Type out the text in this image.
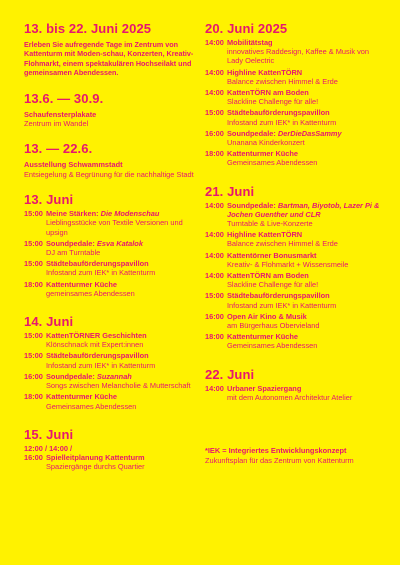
13. bis 22. Juni 2025
Erleben Sie aufregende Tage im Zentrum von Kattenturm mit Moden-schau, Konzerten, Kreativ- Flohmarkt, einem spektakulären Hochseilakt und gemeinsamen Abendessen.
13.6. — 30.9.
Schaufensterplakate
Zentrum im Wandel
13. — 22.6.
Ausstellung Schwammstadt
Entsiegelung & Begrünung für die nachhaltige Stadt
13. Juni
15:00 Meine Stärken: Die Modenschau
Lieblingsstücke von Textile Versionen und upsign
15:00 Soundpedale: Esva Katalok
DJ am Turntable
15:00 Städtebauförderungspavillon
Infostand zum IEK* in Kattenturm
18:00 Kattenturmer Küche
gemeinsames Abendessen
14. Juni
15:00 KattenTÖRNER Geschichten
Klönschnack mit Expert:innen
15:00 Städtebauförderungspavillon
Infostand zum IEK* in Kattenturm
16:00 Soundpedale: Suzannah
Songs zwischen Melancholie & Mutterschaft
18:00 Kattenturmer Küche
Gemeinsames Abendessen
15. Juni
12:00 / 14:00 /
16:00 Spielleitplanung Kattenturm
Spaziergänge durchs Quartier
20. Juni 2025
14:00 Mobilitätstag
innovatives Raddesign, Kaffee & Musik von Lady Oelectric
14:00 Highline KattenTÖRN
Balance zwischen Himmel & Erde
14:00 KattenTÖRN am Boden
Slackline Challenge für alle!
15:00 Städtebauförderungspavillon
Infostand zum IEK* in Kattenturm
16:00 Soundpedale: DerDieDasSammy
Unanana Kinderkonzert
18:00 Kattenturmer Küche
Gemeinsames Abendessen
21. Juni
14:00 Soundpedale: Bartman, Biyotob, Lazer Pi & Jochen Guenther und CLR
Turntable & Live-Konzerte
14:00 Highline KattenTÖRN
Balance zwischen Himmel & Erde
14:00 Kattentörner Bonusmarkt
Kreativ- & Flohmarkt + Wissensmeile
14:00 KattenTÖRN am Boden
Slackline Challenge für alle!
15:00 Städtebauförderungspavillon
Infostand zum IEK* in Kattenturm
16:00 Open Air Kino & Musik
am Bürgerhaus Obervieland
18:00 Kattenturmer Küche
Gemeinsames Abendessen
22. Juni
14:00 Urbaner Spaziergang
mit dem Autonomen Architektur Atelier
*IEK = Integriertes Entwicklungskonzept
Zukunftsplan für das Zentrum von Kattenturm
